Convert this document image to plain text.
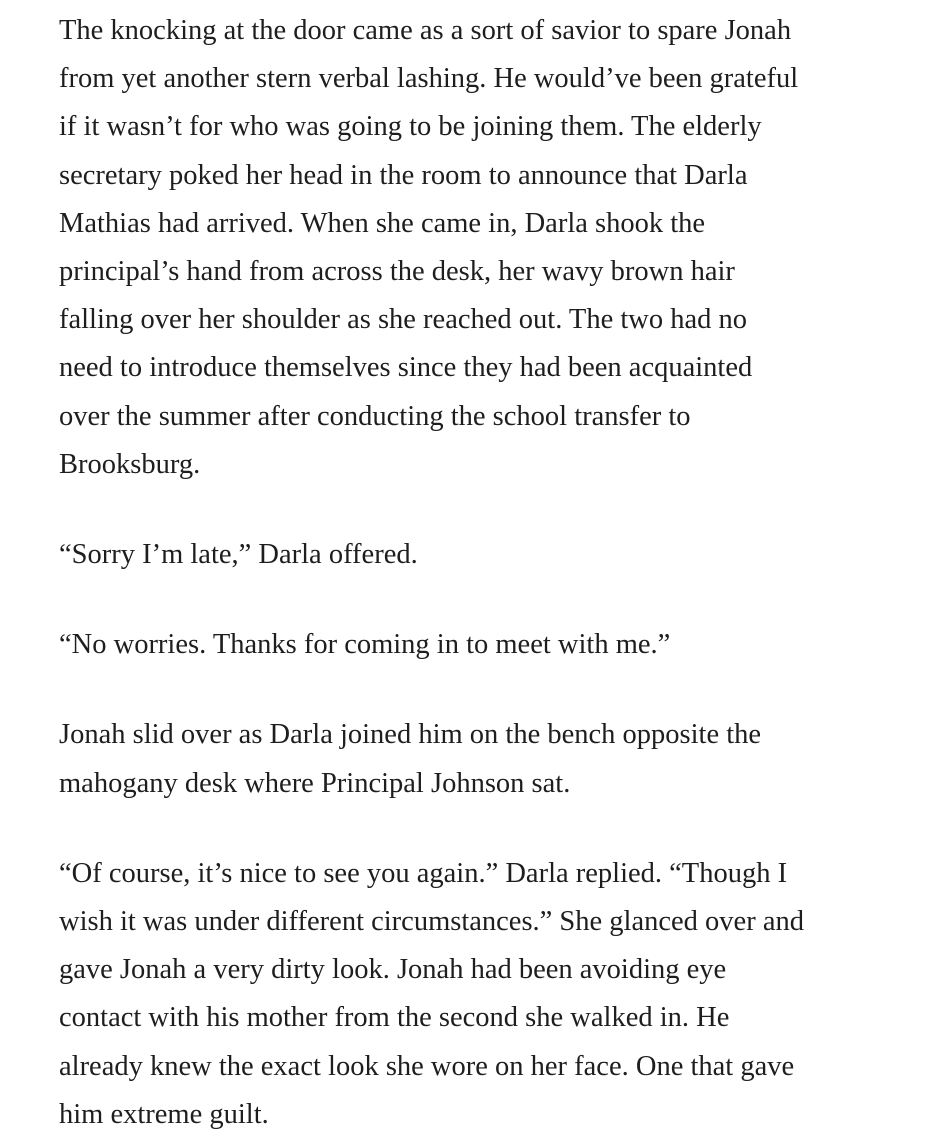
The knocking at the door came as a sort of savior to spare Jonah
from yet another stern verbal lashing. He would’ve been grateful
if it wasn’t for who was going to be joining them. The elderly
secretary poked her head in the room to announce that Darla
Mathias had arrived. When she came in, Darla shook the
principal’s hand from across the desk, her wavy brown hair
falling over her shoulder as she reached out. The two had no
need to introduce themselves since they had been acquainted
over the summer after conducting the school transfer to
Brooksburg.

“Sorry I’m late,” Darla offered.

“No worries. Thanks for coming in to meet with me.”

Jonah slid over as Darla joined him on the bench opposite the
mahogany desk where Principal Johnson sat.

“Of course, it’s nice to see you again.” Darla replied. “Though I
wish it was under different circumstances.” She glanced over and
gave Jonah a very dirty look. Jonah had been avoiding eye
contact with his mother from the second she walked in. He
already knew the exact look she wore on her face. One that gave
him extreme guilt.
